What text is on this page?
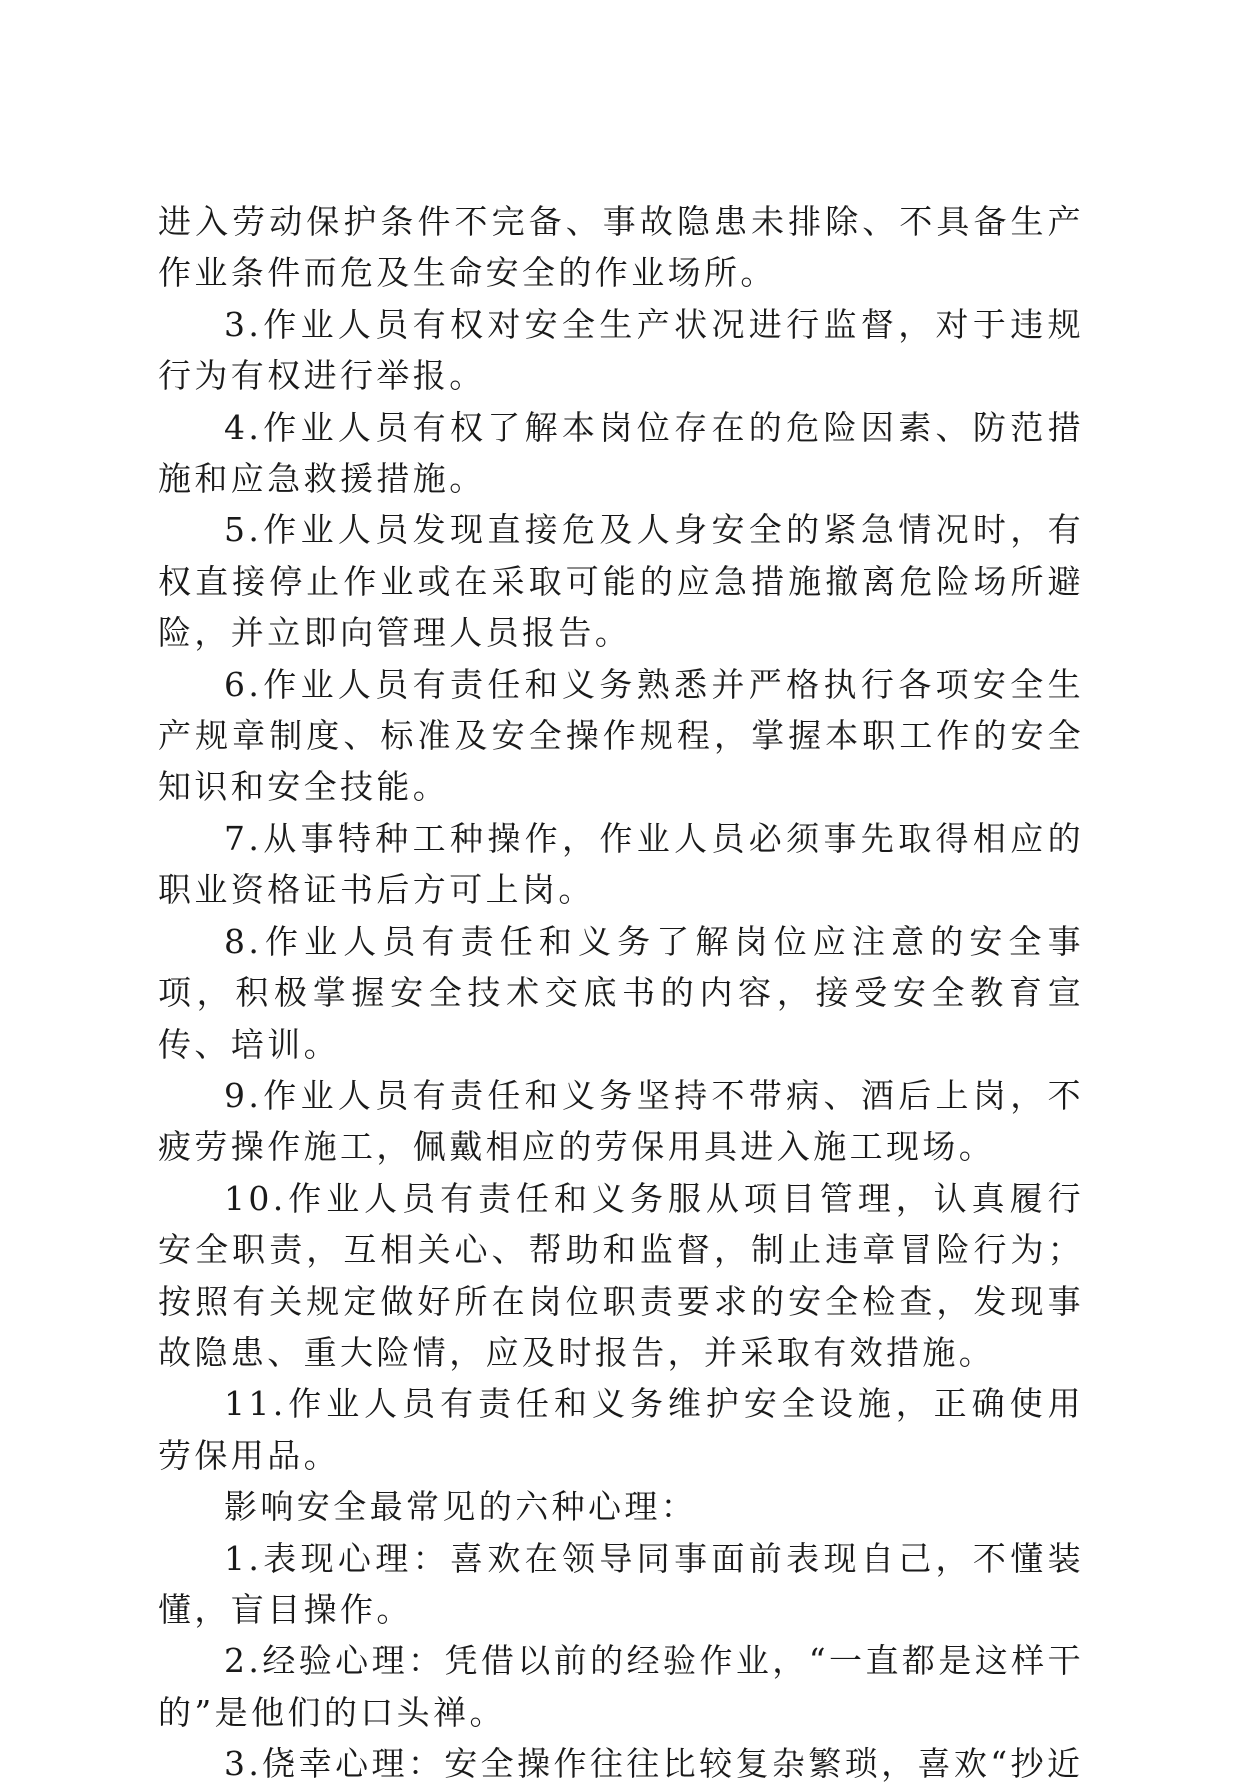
进入劳动保护条件不完备、事故隐患未排除、不具备生产作业条件而危及生命安全的作业场所。

3.作业人员有权对安全生产状况进行监督，对于违规行为有权进行举报。

4.作业人员有权了解本岗位存在的危险因素、防范措施和应急救援措施。

5.作业人员发现直接危及人身安全的紧急情况时，有权直接停止作业或在采取可能的应急措施撤离危险场所避险，并立即向管理人员报告。

6.作业人员有责任和义务熟悉并严格执行各项安全生产规章制度、标准及安全操作规程，掌握本职工作的安全知识和安全技能。

7.从事特种工种操作，作业人员必须事先取得相应的职业资格证书后方可上岗。

8.作业人员有责任和义务了解岗位应注意的安全事项，积极掌握安全技术交底书的内容，接受安全教育宣传、培训。

9.作业人员有责任和义务坚持不带病、酒后上岗，不疲劳操作施工，佩戴相应的劳保用具进入施工现场。

10.作业人员有责任和义务服从项目管理，认真履行安全职责，互相关心、帮助和监督，制止违章冒险行为；按照有关规定做好所在岗位职责要求的安全检查，发现事故隐患、重大险情，应及时报告，并采取有效措施。

11.作业人员有责任和义务维护安全设施，正确使用劳保用品。

影响安全最常见的六种心理：

1.表现心理：喜欢在领导同事面前表现自己，不懂装懂，盲目操作。

2.经验心理：凭借以前的经验作业，“一直都是这样干的”是他们的口头禅。

3.侥幸心理：安全操作往往比较复杂繁琐，喜欢“抄近
